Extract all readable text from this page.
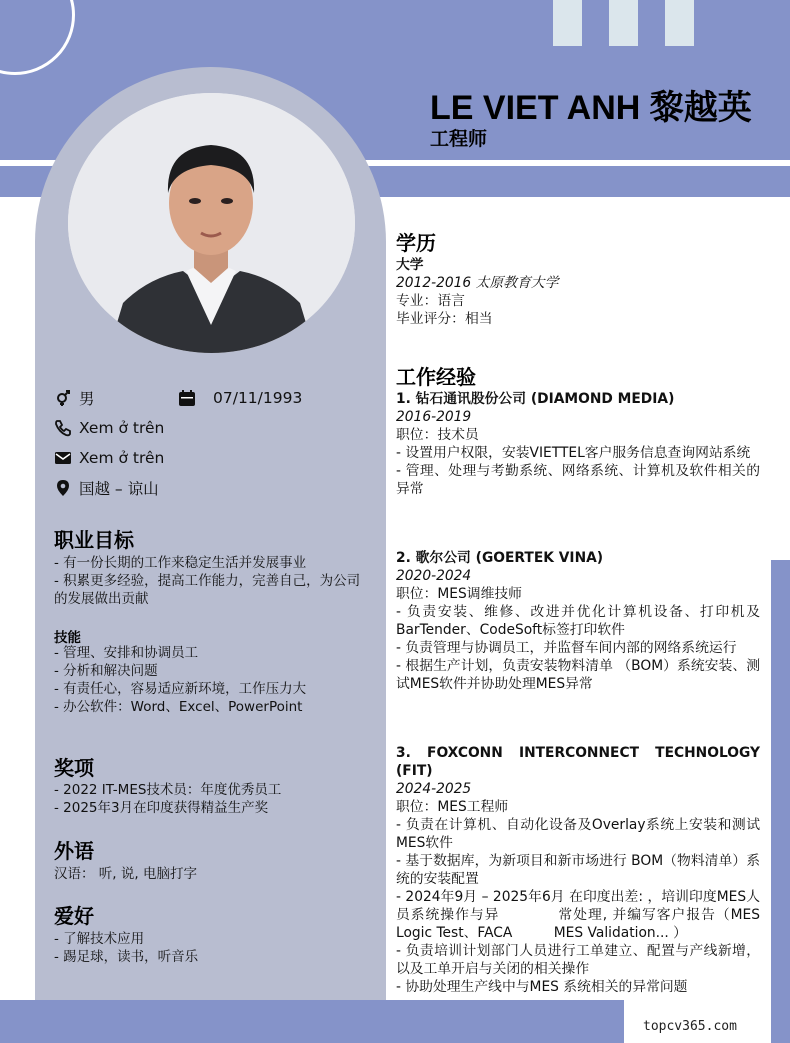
LE VIET ANH 黎越英
工程师
男	07/11/1993
Xem ở trên
Xem ở trên
国越 – 谅山
职业目标
- 有一份长期的工作来稳定生活并发展事业
- 积累更多经验，提高工作能力，完善自己，为公司的发展做出贡献
技能
- 管理、安排和协调员工
- 分析和解决问题
- 有责任心，容易适应新环境，工作压力大
- 办公软件：Word、Excel、PowerPoint
奖项
- 2022 IT-MES技术员：年度优秀员工
- 2025年3月在印度获得精益生产奖
外语
汉语： 听, 说, 电脑打字
爱好
- 了解技术应用
- 踢足球，读书，听音乐
学历
大学
2012-2016 太原教育大学
专业：语言
毕业评分：相当
工作经验
1. 钻石通讯股份公司 (DIAMOND MEDIA)
2016-2019
职位：技术员
- 设置用户权限，安装VIETTEL客户服务信息查询网站系统
- 管理、处理与考勤系统、网络系统、计算机及软件相关的异常
2. 歌尔公司 (GOERTEK VINA)
2020-2024
职位：MES调维技师
- 负责安装、维修、改进并优化计算机设备、打印机及BarTender、CodeSoft标签打印软件
- 负责管理与协调员工，并监督车间内部的网络系统运行
- 根据生产计划，负责安装物料清单 （BOM）系统安装、测试MES软件并协助处理MES异常
3. FOXCONN INTERCONNECT TECHNOLOGY (FIT)
2024-2025
职位：MES工程师
- 负责在计算机、自动化设备及Overlay系统上安装和测试MES软件
- 基于数据库，为新项目和新市场进行 BOM（物料清单）系统的安装配置
- 2024年9月 – 2025年6月 在印度出差: ，培训印度MES人员系统操作与异　　　　常处理, 并编写客户报告（MES Logic Test、FACA　　　MES Validation... ）
- 负责培训计划部门人员进行工单建立、配置与产线新增，以及工单开启与关闭的相关操作
- 协助处理生产线中与MES 系统相关的异常问题
topcv365.com
